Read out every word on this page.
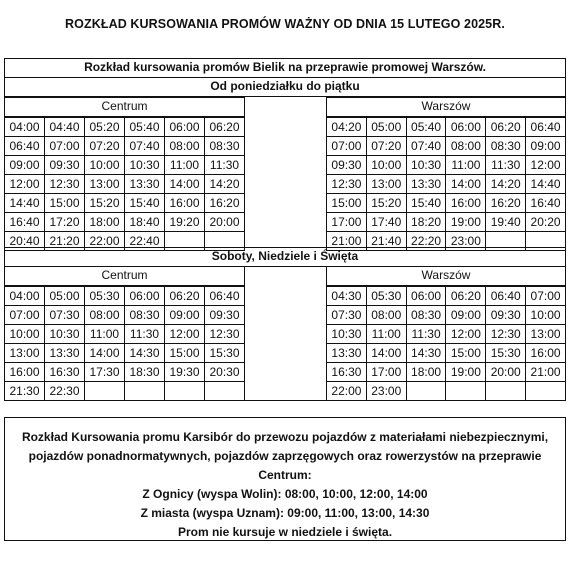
ROZKŁAD KURSOWANIA PROMÓW WAŻNY OD DNIA 15 LUTEGO 2025R.
Rozkład kursowania promów Bielik na przeprawie promowej Warszów.
Od poniedziałku do piątku
Centrum	Warszów
04:00	04:40	05:20	05:40	06:00	06:20
06:40	07:00	07:20	07:40	08:00	08:30
09:00	09:30	10:00	10:30	11:00	11:30
12:00	12:30	13:00	13:30	14:00	14:20
14:40	15:00	15:20	15:40	16:00	16:20
16:40	17:20	18:00	18:40	19:20	20:00
20:40	21:20	22:00	22:40		
04:20	05:00	05:40	06:00	06:20	06:40
07:00	07:20	07:40	08:00	08:30	09:00
09:30	10:00	10:30	11:00	11:30	12:00
12:30	13:00	13:30	14:00	14:20	14:40
15:00	15:20	15:40	16:00	16:20	16:40
17:00	17:40	18:20	19:00	19:40	20:20
21:00	21:40	22:20	23:00		
Soboty, Niedziele i Święta
Centrum	Warszów
04:00	05:00	05:30	06:00	06:20	06:40
07:00	07:30	08:00	08:30	09:00	09:30
10:00	10:30	11:00	11:30	12:00	12:30
13:00	13:30	14:00	14:30	15:00	15:30
16:00	16:30	17:30	18:30	19:30	20:30
21:30	22:30				
04:30	05:30	06:00	06:20	06:40	07:00
07:30	08:00	08:30	09:00	09:30	10:00
10:30	11:00	11:30	12:00	12:30	13:00
13:30	14:00	14:30	15:00	15:30	16:00
16:30	17:00	18:00	19:00	20:00	21:00
22:00	23:00				
Rozkład Kursowania promu Karsibór do przewozu pojazdów z materiałami niebezpiecznymi,
pojazdów ponadnormatywnych, pojazdów zaprzęgowych oraz rowerzystów na przeprawie
Centrum:
Z Ognicy (wyspa Wolin): 08:00, 10:00, 12:00, 14:00
Z miasta (wyspa Uznam): 09:00, 11:00, 13:00, 14:30
Prom nie kursuje w niedziele i święta.
